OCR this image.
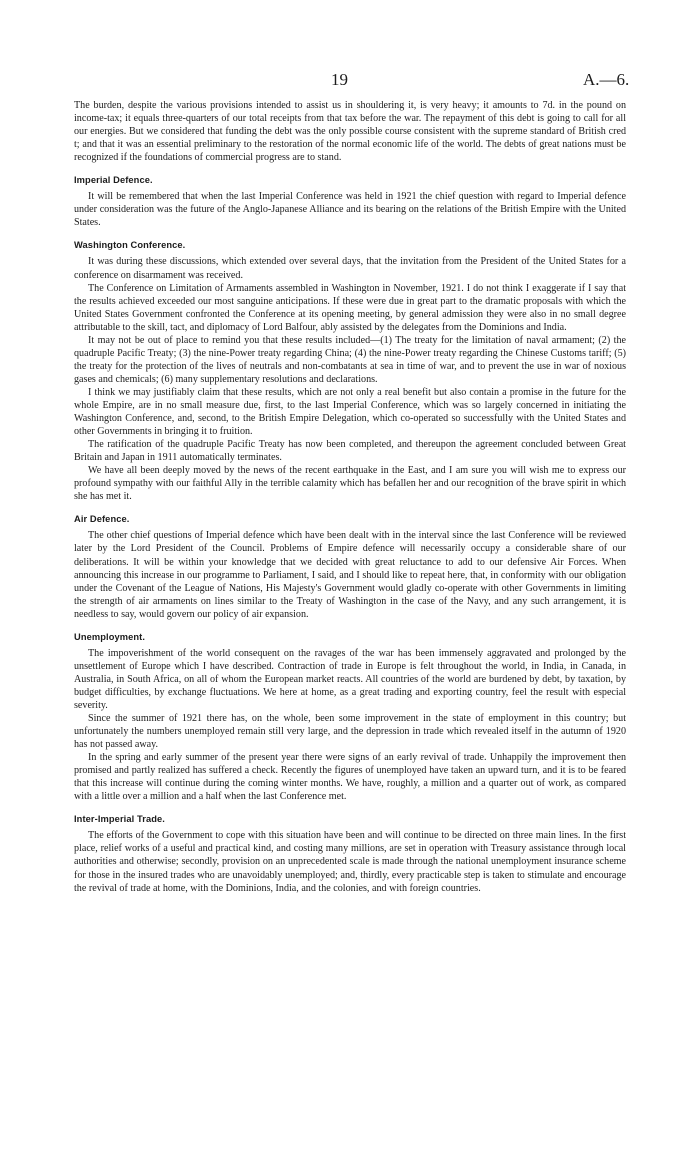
19	A.—6.

The burden, despite the various provisions intended to assist us in shouldering it, is very heavy; it amounts to 7d. in the pound on income-tax; it equals three-quarters of our total receipts from that tax before the war. The repayment of this debt is going to call for all our energies. But we considered that funding the debt was the only possible course consistent with the supreme standard of British cred t; and that it was an essential preliminary to the restoration of the normal economic life of the world. The debts of great nations must be recognized if the foundations of commercial progress are to stand.

Imperial Defence.

It will be remembered that when the last Imperial Conference was held in 1921 the chief question with regard to Imperial defence under consideration was the future of the Anglo-Japanese Alliance and its bearing on the relations of the British Empire with the United States.

Washington Conference.

It was during these discussions, which extended over several days, that the invitation from the President of the United States for a conference on disarmament was received.

The Conference on Limitation of Armaments assembled in Washington in November, 1921. I do not think I exaggerate if I say that the results achieved exceeded our most sanguine anticipations. If these were due in great part to the dramatic proposals with which the United States Government confronted the Conference at its opening meeting, by general admission they were also in no small degree attributable to the skill, tact, and diplomacy of Lord Balfour, ably assisted by the delegates from the Dominions and India.

It may not be out of place to remind you that these results included—(1) The treaty for the limitation of naval armament; (2) the quadruple Pacific Treaty; (3) the nine-Power treaty regarding China; (4) the nine-Power treaty regarding the Chinese Customs tariff; (5) the treaty for the protection of the lives of neutrals and non-combatants at sea in time of war, and to prevent the use in war of noxious gases and chemicals; (6) many supplementary resolutions and declarations.

I think we may justifiably claim that these results, which are not only a real benefit but also contain a promise in the future for the whole Empire, are in no small measure due, first, to the last Imperial Conference, which was so largely concerned in initiating the Washington Conference, and, second, to the British Empire Delegation, which co-operated so successfully with the United States and other Governments in bringing it to fruition.

The ratification of the quadruple Pacific Treaty has now been completed, and thereupon the agreement concluded between Great Britain and Japan in 1911 automatically terminates.

We have all been deeply moved by the news of the recent earthquake in the East, and I am sure you will wish me to express our profound sympathy with our faithful Ally in the terrible calamity which has befallen her and our recognition of the brave spirit in which she has met it.

Air Defence.

The other chief questions of Imperial defence which have been dealt with in the interval since the last Conference will be reviewed later by the Lord President of the Council. Problems of Empire defence will necessarily occupy a considerable share of our deliberations. It will be within your knowledge that we decided with great reluctance to add to our defensive Air Forces. When announcing this increase in our programme to Parliament, I said, and I should like to repeat here, that, in conformity with our obligation under the Covenant of the League of Nations, His Majesty's Government would gladly co-operate with other Governments in limiting the strength of air armaments on lines similar to the Treaty of Washington in the case of the Navy, and any such arrangement, it is needless to say, would govern our policy of air expansion.

Unemployment.

The impoverishment of the world consequent on the ravages of the war has been immensely aggravated and prolonged by the unsettlement of Europe which I have described. Contraction of trade in Europe is felt throughout the world, in India, in Canada, in Australia, in South Africa, on all of whom the European market reacts. All countries of the world are burdened by debt, by taxation, by budget difficulties, by exchange fluctuations. We here at home, as a great trading and exporting country, feel the result with especial severity.

Since the summer of 1921 there has, on the whole, been some improvement in the state of employment in this country; but unfortunately the numbers unemployed remain still very large, and the depression in trade which revealed itself in the autumn of 1920 has not passed away.

In the spring and early summer of the present year there were signs of an early revival of trade. Unhappily the improvement then promised and partly realized has suffered a check. Recently the figures of unemployed have taken an upward turn, and it is to be feared that this increase will continue during the coming winter months. We have, roughly, a million and a quarter out of work, as compared with a little over a million and a half when the last Conference met.

Inter-Imperial Trade.

The efforts of the Government to cope with this situation have been and will continue to be directed on three main lines. In the first place, relief works of a useful and practical kind, and costing many millions, are set in operation with Treasury assistance through local authorities and otherwise; secondly, provision on an unprecedented scale is made through the national unemployment insurance scheme for those in the insured trades who are unavoidably unemployed; and, thirdly, every practicable step is taken to stimulate and encourage the revival of trade at home, with the Dominions, India, and the colonies, and with foreign countries.
